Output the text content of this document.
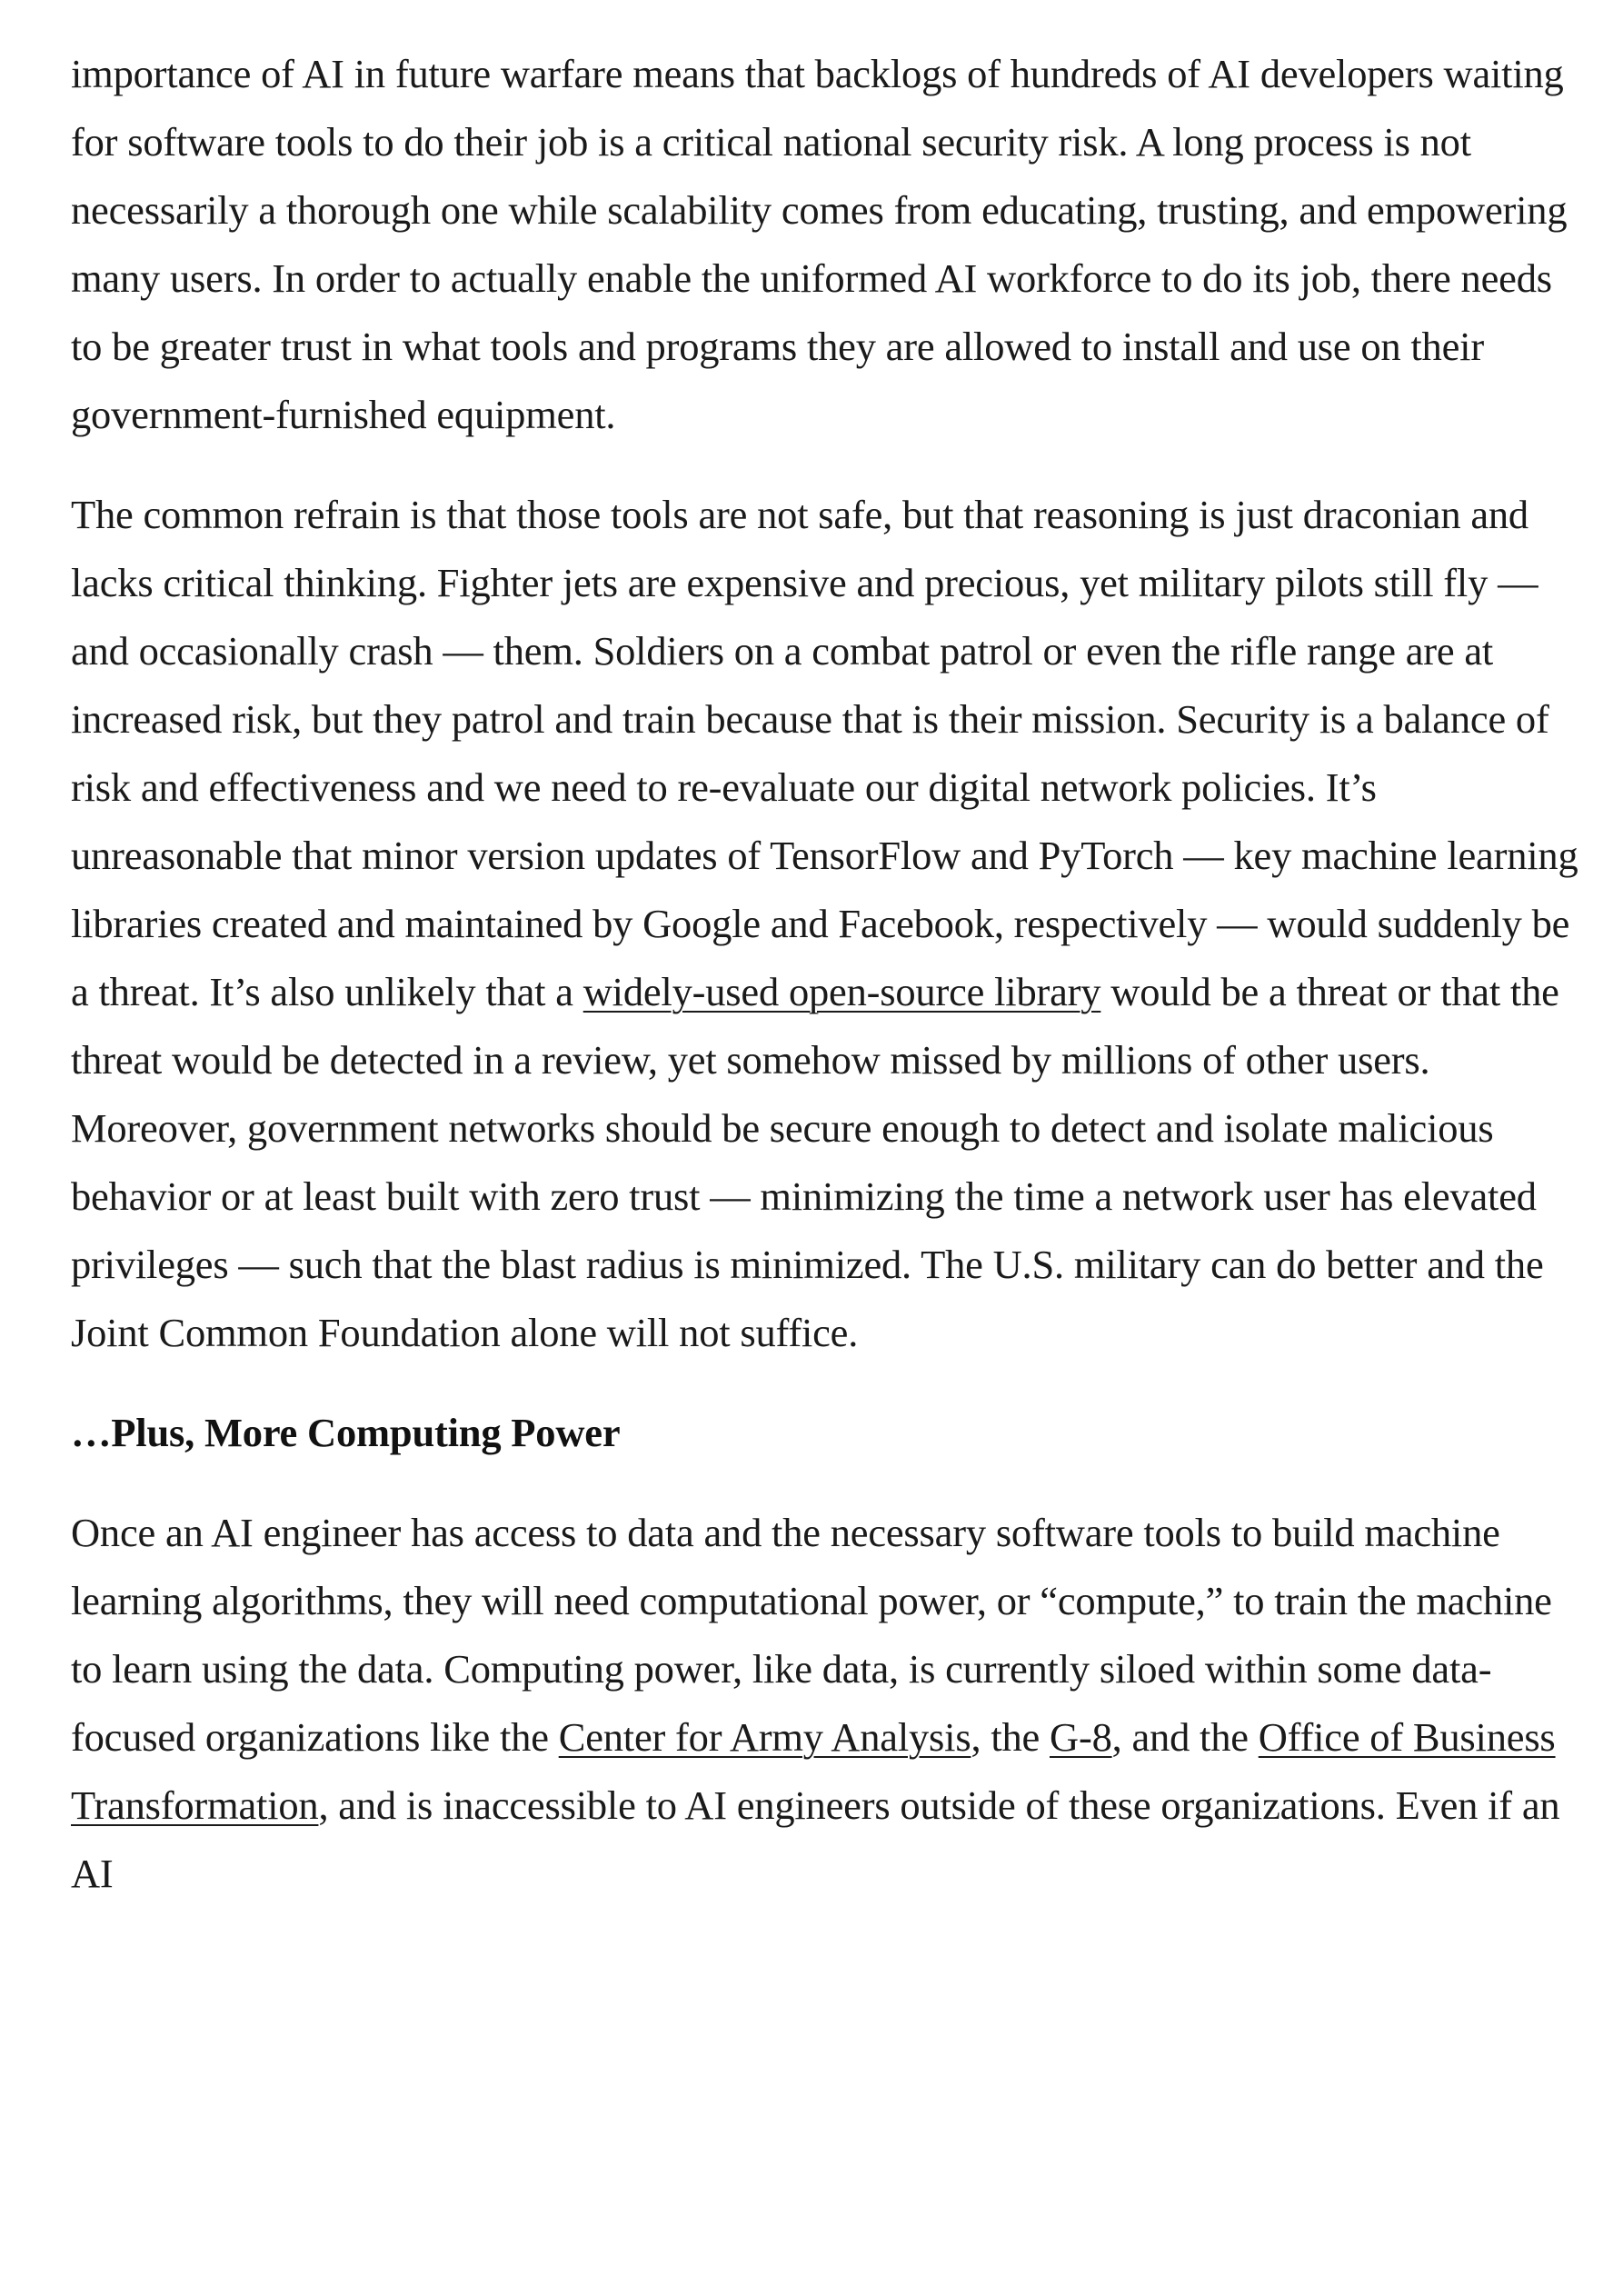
importance of AI in future warfare means that backlogs of hundreds of AI developers waiting for software tools to do their job is a critical national security risk. A long process is not necessarily a thorough one while scalability comes from educating, trusting, and empowering many users. In order to actually enable the uniformed AI workforce to do its job, there needs to be greater trust in what tools and programs they are allowed to install and use on their government-furnished equipment.

The common refrain is that those tools are not safe, but that reasoning is just draconian and lacks critical thinking. Fighter jets are expensive and precious, yet military pilots still fly — and occasionally crash — them. Soldiers on a combat patrol or even the rifle range are at increased risk, but they patrol and train because that is their mission. Security is a balance of risk and effectiveness and we need to re-evaluate our digital network policies. It’s unreasonable that minor version updates of TensorFlow and PyTorch — key machine learning libraries created and maintained by Google and Facebook, respectively — would suddenly be a threat. It’s also unlikely that a widely-used open-source library would be a threat or that the threat would be detected in a review, yet somehow missed by millions of other users. Moreover, government networks should be secure enough to detect and isolate malicious behavior or at least built with zero trust — minimizing the time a network user has elevated privileges — such that the blast radius is minimized. The U.S. military can do better and the Joint Common Foundation alone will not suffice.

…Plus, More Computing Power

Once an AI engineer has access to data and the necessary software tools to build machine learning algorithms, they will need computational power, or “compute,” to train the machine to learn using the data. Computing power, like data, is currently siloed within some data-focused organizations like the Center for Army Analysis, the G-8, and the Office of Business Transformation, and is inaccessible to AI engineers outside of these organizations. Even if an AI
